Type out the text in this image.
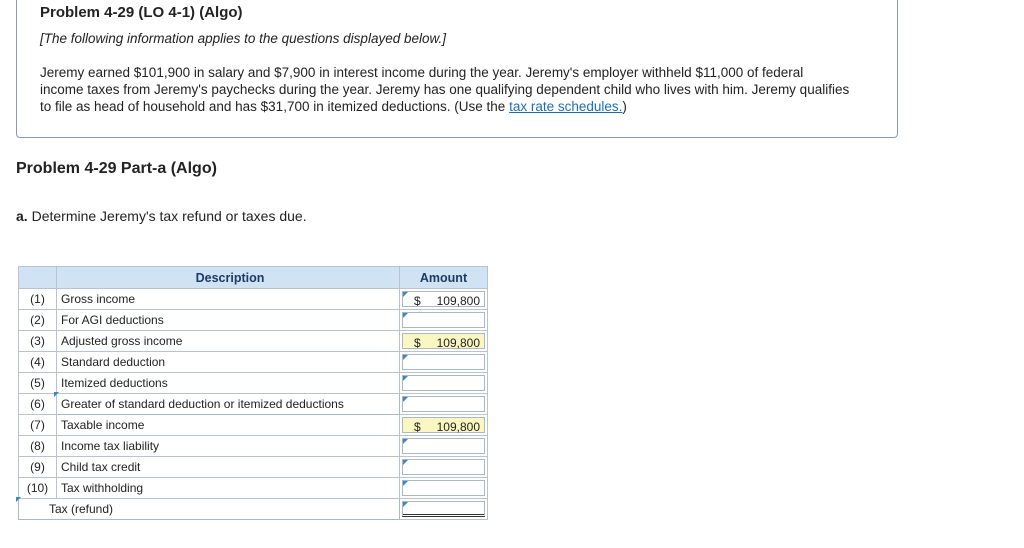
Problem 4-29 (LO 4-1) (Algo)

[The following information applies to the questions displayed below.]

Jeremy earned $101,900 in salary and $7,900 in interest income during the year. Jeremy's employer withheld $11,000 of federal income taxes from Jeremy's paychecks during the year. Jeremy has one qualifying dependent child who lives with him. Jeremy qualifies to file as head of household and has $31,700 in itemized deductions. (Use the tax rate schedules.)

Problem 4-29 Part-a (Algo)

a. Determine Jeremy's tax refund or taxes due.

	Description	Amount
(1)	Gross income	$ 109,800

(2)	For AGI deductions	

(3)	Adjusted gross income	$ 109,800

(4)	Standard deduction	

(5)	Itemized deductions	

(6)	Greater of standard deduction or itemized deductions	

(7)	Taxable income	$ 109,800

(8)	Income tax liability	

(9)	Child tax credit	

(10)	Tax withholding	

Tax (refund)		
